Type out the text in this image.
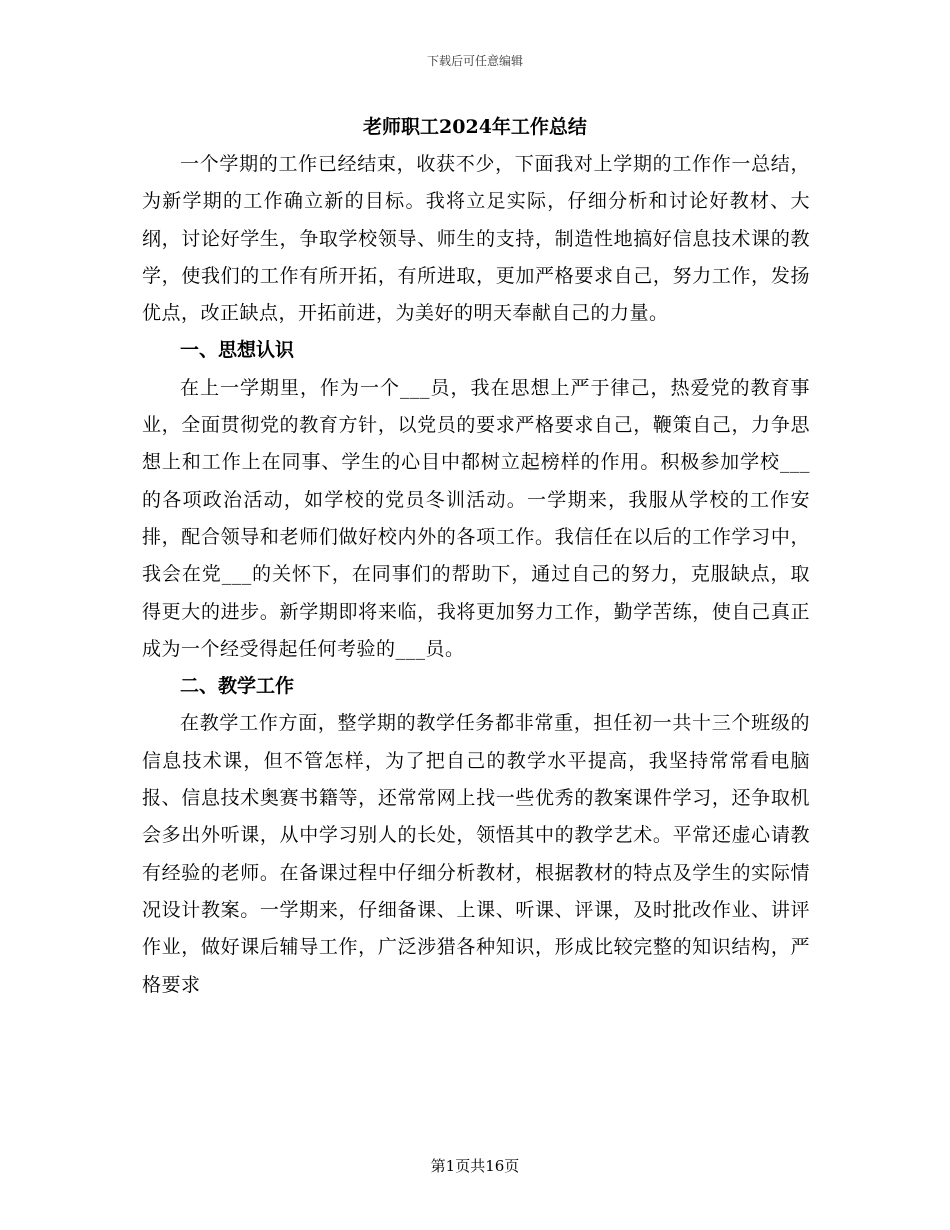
下载后可任意编辑
老师职工2024年工作总结

一个学期的工作已经结束，收获不少，下面我对上学期的工作作一总结，为新学期的工作确立新的目标。我将立足实际，仔细分析和讨论好教材、大纲，讨论好学生，争取学校领导、师生的支持，制造性地搞好信息技术课的教学，使我们的工作有所开拓，有所进取，更加严格要求自己，努力工作，发扬优点，改正缺点，开拓前进，为美好的明天奉献自己的力量。

一、思想认识

在上一学期里，作为一个___员，我在思想上严于律己，热爱党的教育事业，全面贯彻党的教育方针，以党员的要求严格要求自己，鞭策自己，力争思想上和工作上在同事、学生的心目中都树立起榜样的作用。积极参加学校___的各项政治活动，如学校的党员冬训活动。一学期来，我服从学校的工作安排，配合领导和老师们做好校内外的各项工作。我信任在以后的工作学习中，我会在党___的关怀下，在同事们的帮助下，通过自己的努力，克服缺点，取得更大的进步。新学期即将来临，我将更加努力工作，勤学苦练，使自己真正成为一个经受得起任何考验的___员。

二、教学工作

在教学工作方面，整学期的教学任务都非常重，担任初一共十三个班级的信息技术课，但不管怎样，为了把自己的教学水平提高，我坚持常常看电脑报、信息技术奥赛书籍等，还常常网上找一些优秀的教案课件学习，还争取机会多出外听课，从中学习别人的长处，领悟其中的教学艺术。平常还虚心请教有经验的老师。在备课过程中仔细分析教材，根据教材的特点及学生的实际情况设计教案。一学期来，仔细备课、上课、听课、评课，及时批改作业、讲评作业，做好课后辅导工作，广泛涉猎各种知识，形成比较完整的知识结构，严格要求

第1页共16页
